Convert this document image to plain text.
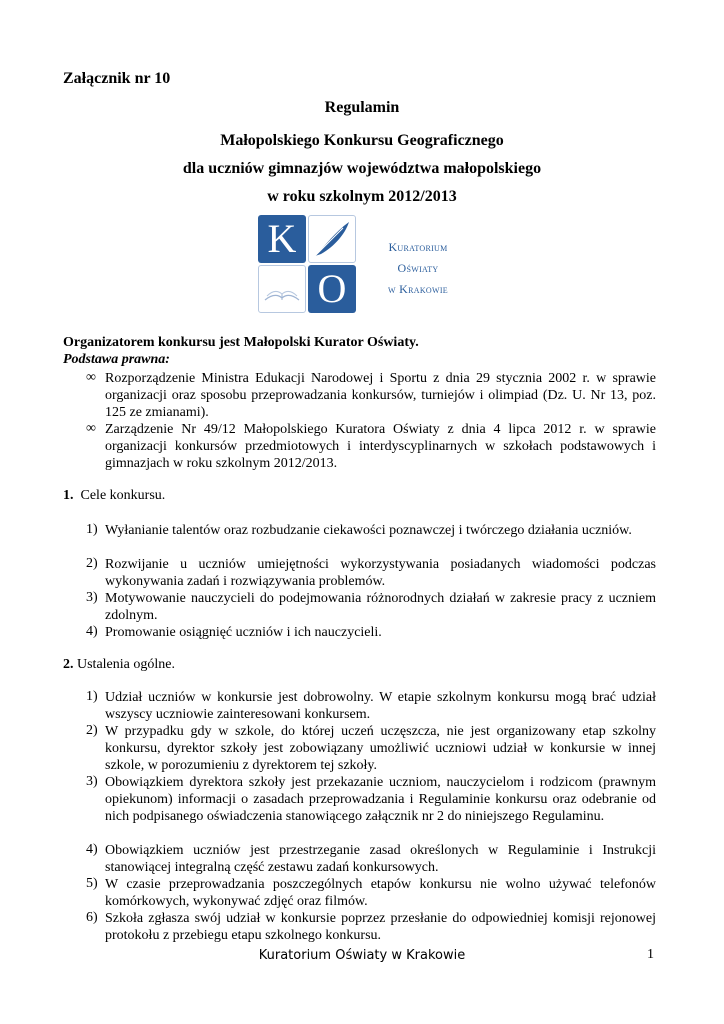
Załącznik nr 10
Regulamin
Małopolskiego Konkursu Geograficznego
dla uczniów gimnazjów województwa małopolskiego
w roku szkolnym 2012/2013
K
O
Kuratorium
Oświaty
w Krakowie
Organizatorem konkursu jest Małopolski Kurator Oświaty.
Podstawa prawna:
∞ Rozporządzenie Ministra Edukacji Narodowej i Sportu z dnia 29 stycznia 2002 r. w sprawie organizacji oraz sposobu przeprowadzania konkursów, turniejów i olimpiad (Dz. U. Nr 13, poz. 125 ze zmianami).
∞ Zarządzenie Nr 49/12 Małopolskiego Kuratora Oświaty z dnia 4 lipca 2012 r. w sprawie organizacji konkursów przedmiotowych i interdyscyplinarnych w szkołach podstawowych i gimnazjach w roku szkolnym 2012/2013.
1. Cele konkursu.
1) Wyłanianie talentów oraz rozbudzanie ciekawości poznawczej i twórczego działania uczniów.
2) Rozwijanie u uczniów umiejętności wykorzystywania posiadanych wiadomości podczas wykonywania zadań i rozwiązywania problemów.
3) Motywowanie nauczycieli do podejmowania różnorodnych działań w zakresie pracy z uczniem zdolnym.
4) Promowanie osiągnięć uczniów i ich nauczycieli.
2. Ustalenia ogólne.
1) Udział uczniów w konkursie jest dobrowolny. W etapie szkolnym konkursu mogą brać udział wszyscy uczniowie zainteresowani konkursem.
2) W przypadku gdy w szkole, do której uczeń uczęszcza, nie jest organizowany etap szkolny konkursu, dyrektor szkoły jest zobowiązany umożliwić uczniowi udział w konkursie w innej szkole, w porozumieniu z dyrektorem tej szkoły.
3) Obowiązkiem dyrektora szkoły jest przekazanie uczniom, nauczycielom i rodzicom (prawnym opiekunom) informacji o zasadach przeprowadzania i Regulaminie konkursu oraz odebranie od nich podpisanego oświadczenia stanowiącego załącznik nr 2 do niniejszego Regulaminu.
4) Obowiązkiem uczniów jest przestrzeganie zasad określonych w Regulaminie i Instrukcji stanowiącej integralną część zestawu zadań konkursowych.
5) W czasie przeprowadzania poszczególnych etapów konkursu nie wolno używać telefonów komórkowych, wykonywać zdjęć oraz filmów.
6) Szkoła zgłasza swój udział w konkursie poprzez przesłanie do odpowiedniej komisji rejonowej protokołu z przebiegu etapu szkolnego konkursu.
Kuratorium Oświaty w Krakowie	1
